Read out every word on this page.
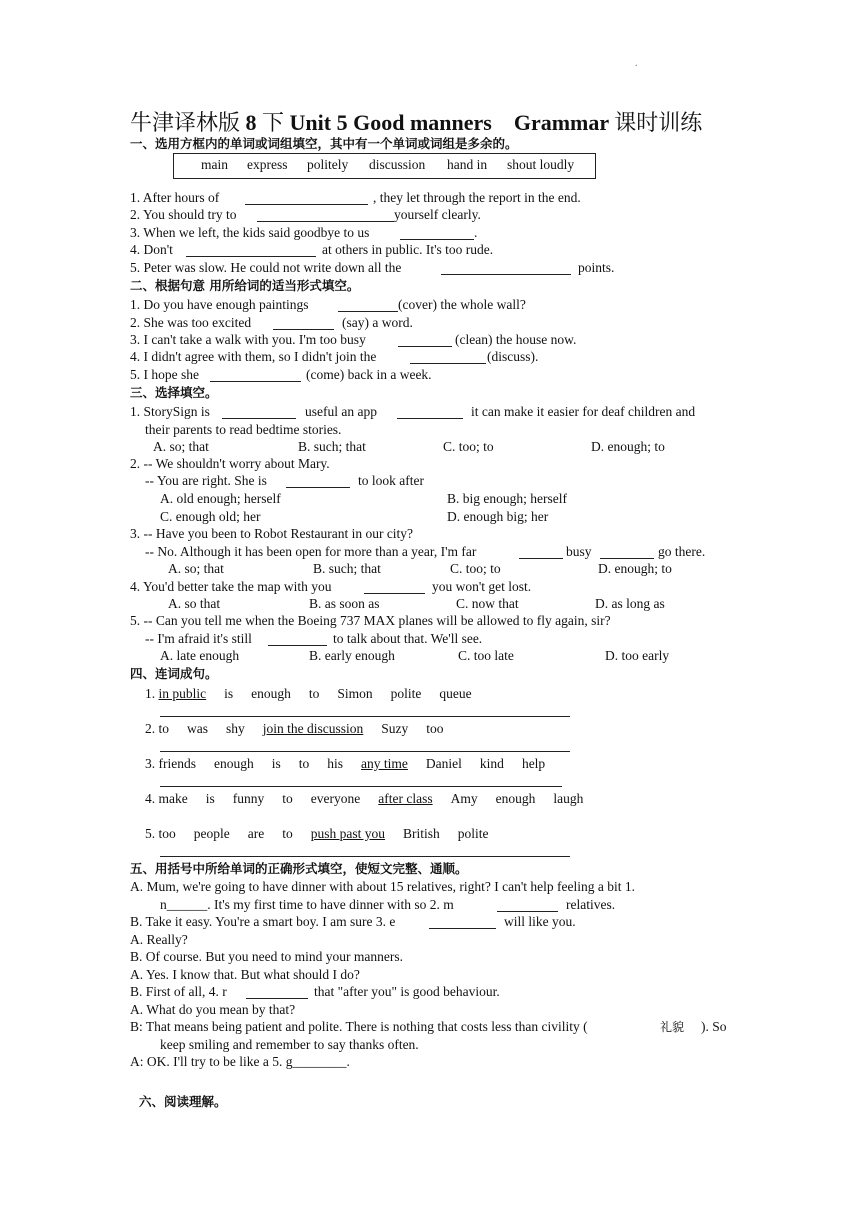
.
牛津译林版 8 下 Unit 5 Good manners    Grammar 课时训练
一、选用方框内的单词或词组填空，其中有一个单词或词组是多余的。
main express politely discussion hand in shout loudly
1. After hours of	, they let through the report in the end.
2. You should try to	yourself clearly.
3. When we left, the kids said goodbye to us	.
4. Don't	at others in public. It's too rude.
5. Peter was slow. He could not write down all the	points.
二、根据句意 用所给词的适当形式填空。
1. Do you have enough paintings	(cover) the whole wall?
2. She was too excited	(say) a word.
3. I can't take a walk with you. I'm too busy	(clean) the house now.
4. I didn't agree with them, so I didn't join the	(discuss).
5. I hope she	(come) back in a week.
三、选择填空。
1. StorySign is	useful an app	it can make it easier for deaf children and
their parents to read bedtime stories.
A. so; that	B. such; that	C. too; to	D. enough; to
2. -- We shouldn't worry about Mary.
-- You are right. She is	to look after
A. old enough; herself	B. big enough; herself
C. enough old; her	D. enough big; her
3. -- Have you been to Robot Restaurant in our city?
-- No. Although it has been open for more than a year, I'm far	busy	go there.
A. so; that	B. such; that	C. too; to	D. enough; to
4. You'd better take the map with you	you won't get lost.
A. so that	B. as soon as	C. now that	D. as long as
5. -- Can you tell me when the Boeing 737 MAX planes will be allowed to fly again, sir?
-- I'm afraid it's still	to talk about that. We'll see.
A. late enough	B. early enough	C. too late	D. too early
四、连词成句。
1. in public is enough to Simon polite queue
2. to was shy join the discussion Suzy too
3. friends enough is to his any time Daniel kind help
4. make is funny to everyone after class Amy enough laugh
5. too people are to push past you British polite
五、用括号中所给单词的正确形式填空，使短文完整、通顺。
A. Mum, we're going to have dinner with about 15 relatives, right? I can't help feeling a bit 1.
n______. It's my first time to have dinner with so 2. m	relatives.
B. Take it easy. You're a smart boy. I am sure 3. e	will like you.
A. Really?
B. Of course. But you need to mind your manners.
A. Yes. I know that. But what should I do?
B. First of all, 4. r	that "after you" is good behaviour.
A. What do you mean by that?
B: That means being patient and polite. There is nothing that costs less than civility (	礼貌 ). So
keep smiling and remember to say thanks often.
A: OK. I'll try to be like a 5. g________.
六、阅读理解。
